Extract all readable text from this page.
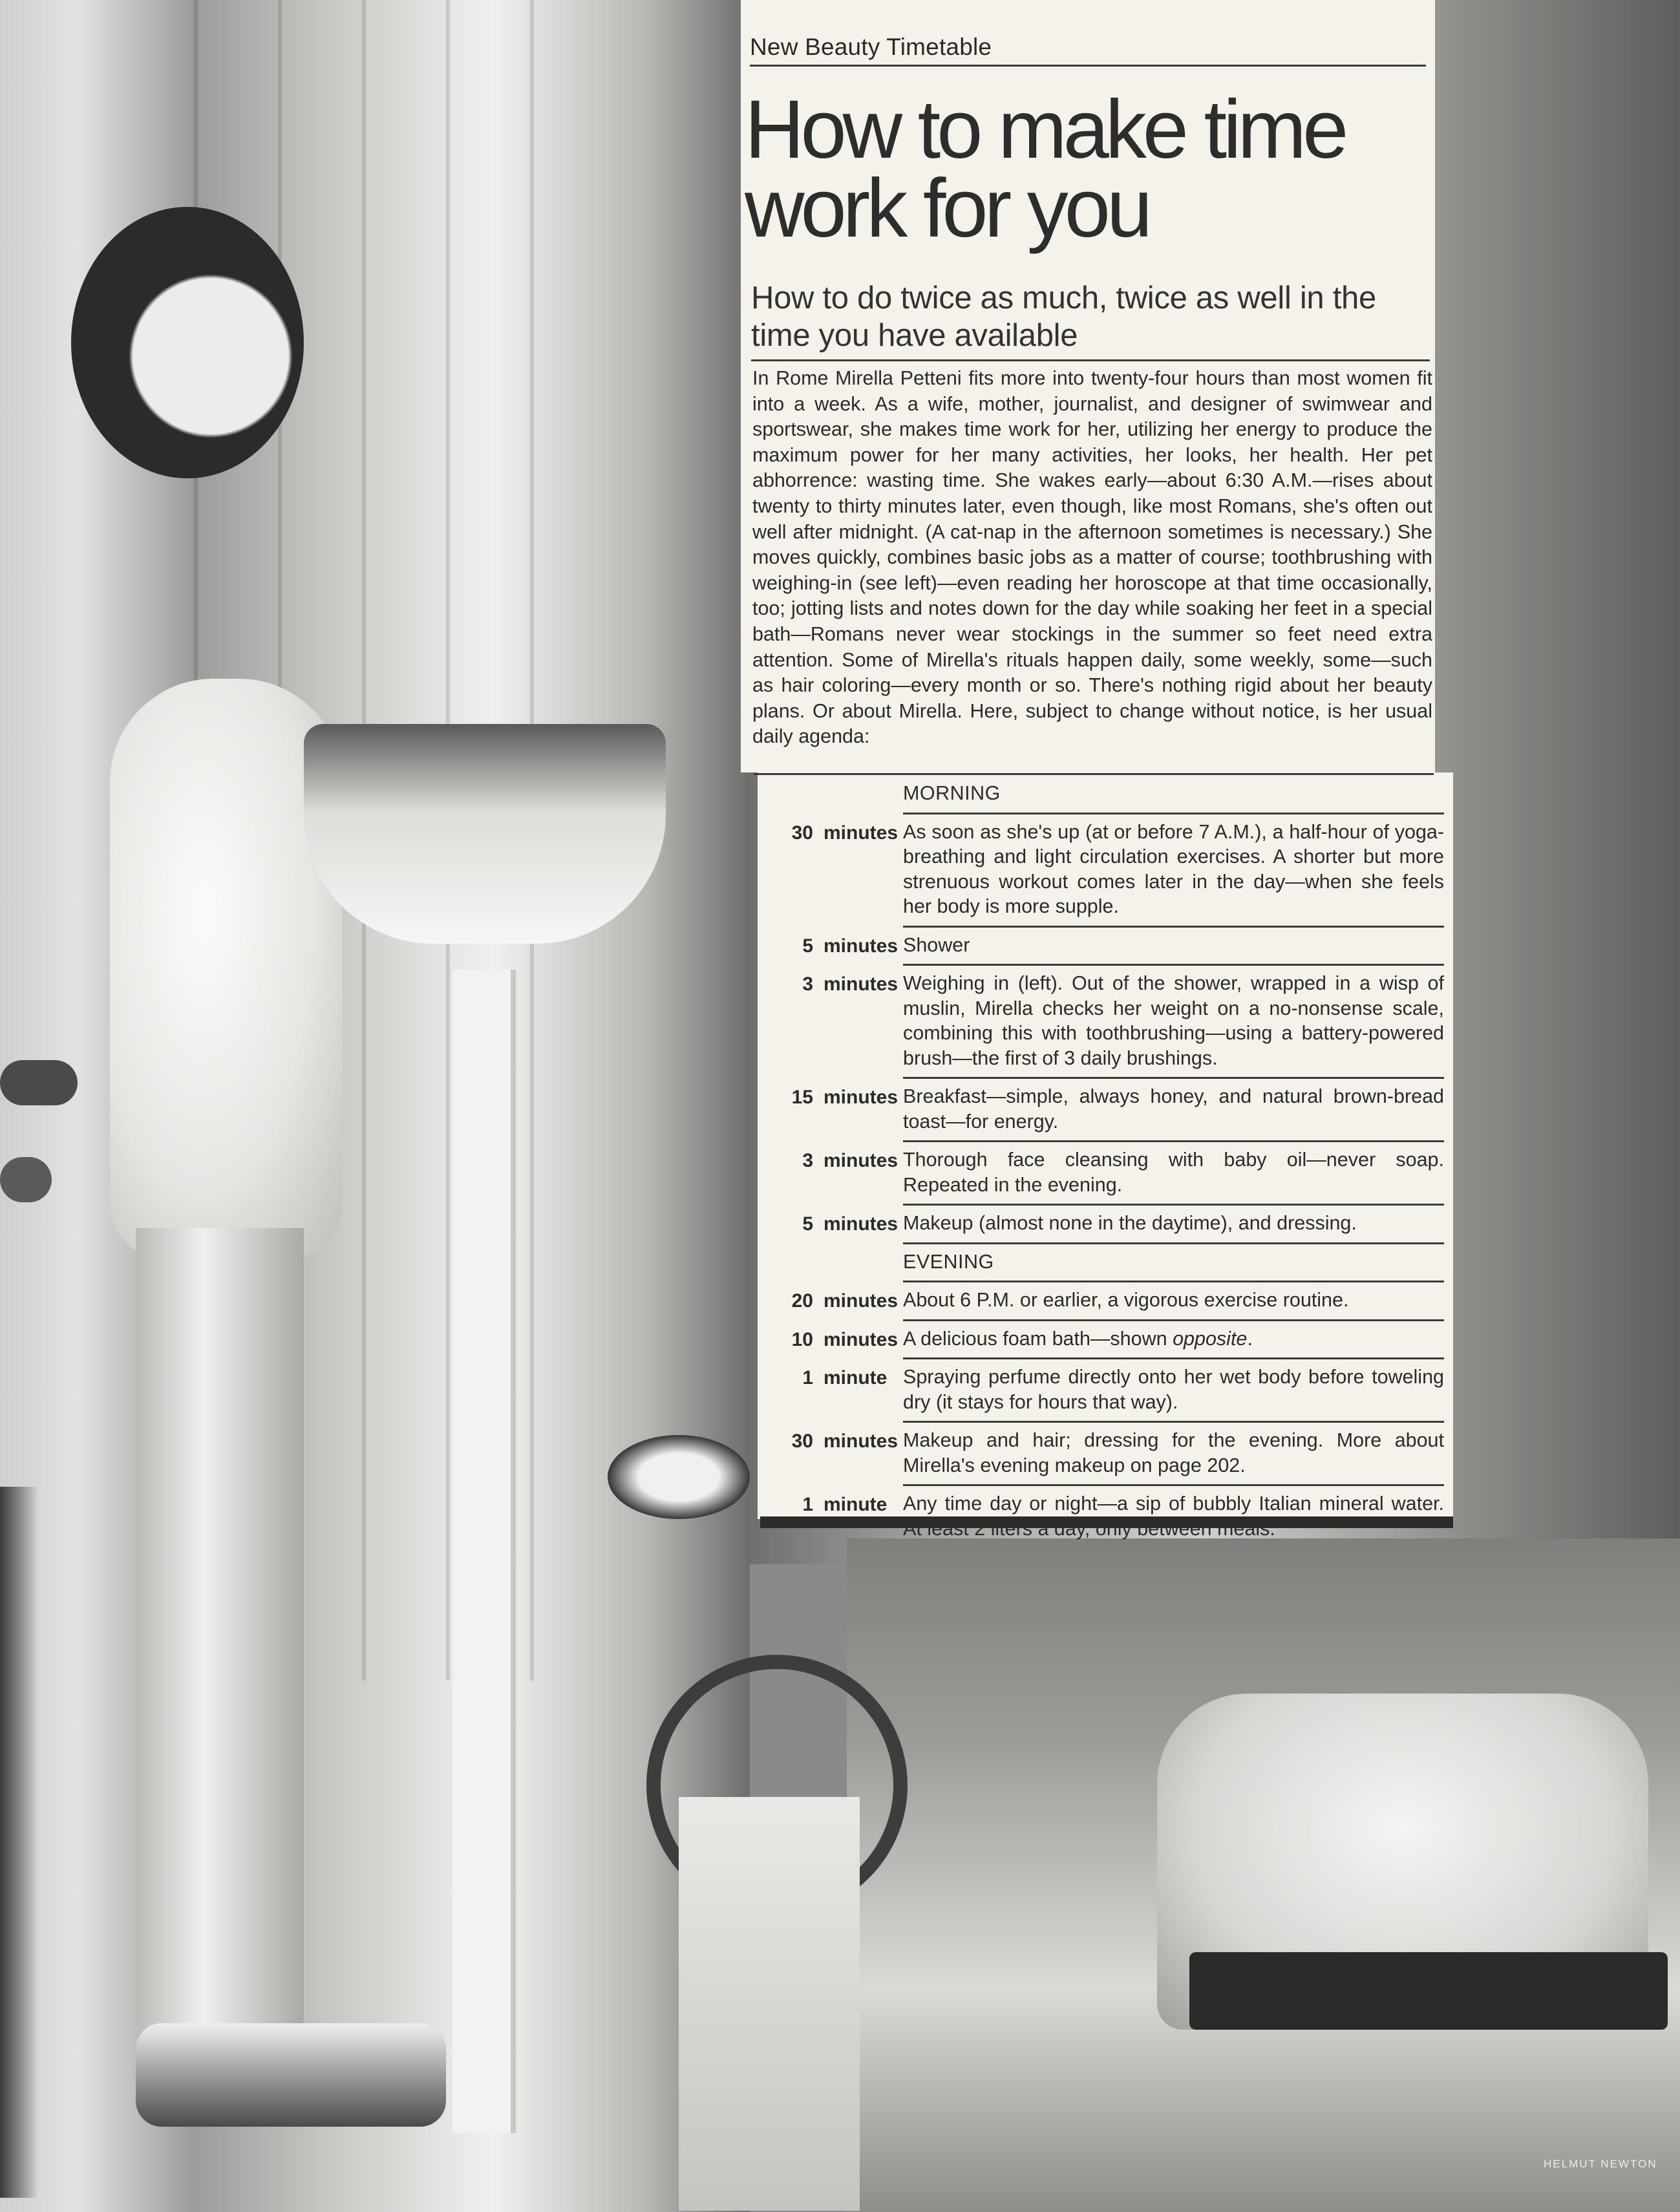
New Beauty Timetable
How to make time
work for you
How to do twice as much, twice as well in the
time you have available
In Rome Mirella Petteni fits more into twenty-four hours than most women fit into a week. As a wife, mother, journalist, and designer of swimwear and sportswear, she makes time work for her, utilizing her energy to produce the maximum power for her many activities, her looks, her health. Her pet abhorrence: wasting time. She wakes early—about 6:30 A.M.—rises about twenty to thirty minutes later, even though, like most Romans, she's often out well after midnight. (A cat-nap in the afternoon sometimes is necessary.) She moves quickly, combines basic jobs as a matter of course; toothbrushing with weighing-in (see left)—even reading her horoscope at that time occasionally, too; jotting lists and notes down for the day while soaking her feet in a special bath—Romans never wear stockings in the summer so feet need extra attention. Some of Mirella's rituals happen daily, some weekly, some—such as hair coloring—every month or so. There's nothing rigid about her beauty plans. Or about Mirella. Here, subject to change without notice, is her usual daily agenda:
MORNING
30 minutes As soon as she's up (at or before 7 A.M.), a half-hour of yoga-breathing and light circulation exercises. A shorter but more strenuous workout comes later in the day—when she feels her body is more supple.
5 minutes Shower
3 minutes Weighing in (left). Out of the shower, wrapped in a wisp of muslin, Mirella checks her weight on a no-nonsense scale, combining this with toothbrushing—using a battery-powered brush—the first of 3 daily brushings.
15 minutes Breakfast—simple, always honey, and natural brown-bread toast—for energy.
3 minutes Thorough face cleansing with baby oil—never soap. Repeated in the evening.
5 minutes Makeup (almost none in the daytime), and dressing.
EVENING
20 minutes About 6 P.M. or earlier, a vigorous exercise routine.
10 minutes A delicious foam bath—shown opposite.
1 minute Spraying perfume directly onto her wet body before toweling dry (it stays for hours that way).
30 minutes Makeup and hair; dressing for the evening. More about Mirella's evening makeup on page 202.
1 minute Any time day or night—a sip of bubbly Italian mineral water. At least 2 liters a day, only between meals.
HELMUT NEWTON
